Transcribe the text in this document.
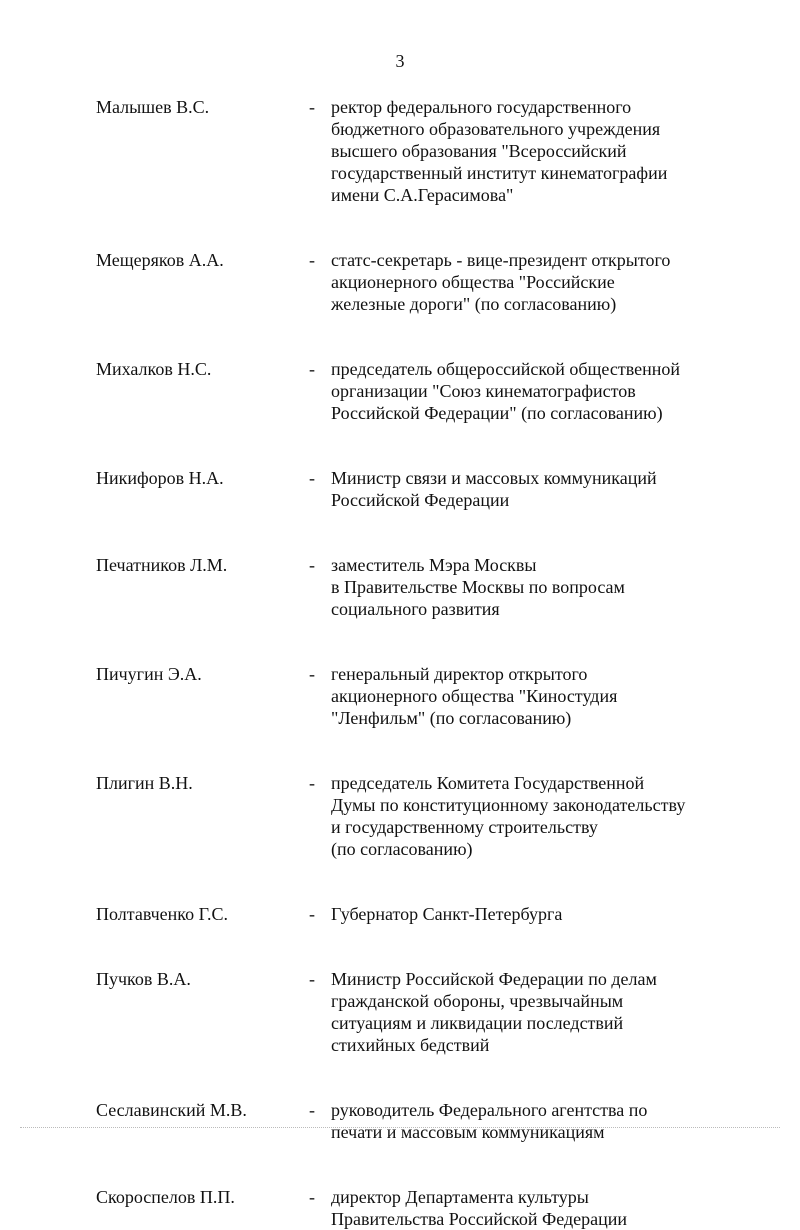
3
Малышев В.С.	- ректор федерального государственного
бюджетного образовательного учреждения
высшего образования "Всероссийский
государственный институт кинематографии
имени С.А.Герасимова"
Мещеряков А.А.	- статс-секретарь - вице-президент открытого
акционерного общества "Российские
железные дороги" (по согласованию)
Михалков Н.С.	- председатель общероссийской общественной
организации "Союз кинематографистов
Российской Федерации" (по согласованию)
Никифоров Н.А.	- Министр связи и массовых коммуникаций
Российской Федерации
Печатников Л.М.	- заместитель Мэра Москвы
в Правительстве Москвы по вопросам
социального развития
Пичугин Э.А.	- генеральный директор открытого
акционерного общества "Киностудия
"Ленфильм" (по согласованию)
Плигин В.Н.	- председатель Комитета Государственной
Думы по конституционному законодательству
и государственному строительству
(по согласованию)
Полтавченко Г.С.	- Губернатор Санкт-Петербурга
Пучков В.А.	- Министр Российской Федерации по делам
гражданской обороны, чрезвычайным
ситуациям и ликвидации последствий
стихийных бедствий
Сеславинский М.В.	- руководитель Федерального агентства по
печати и массовым коммуникациям
Скороспелов П.П.	- директор Департамента культуры
Правительства Российской Федерации
